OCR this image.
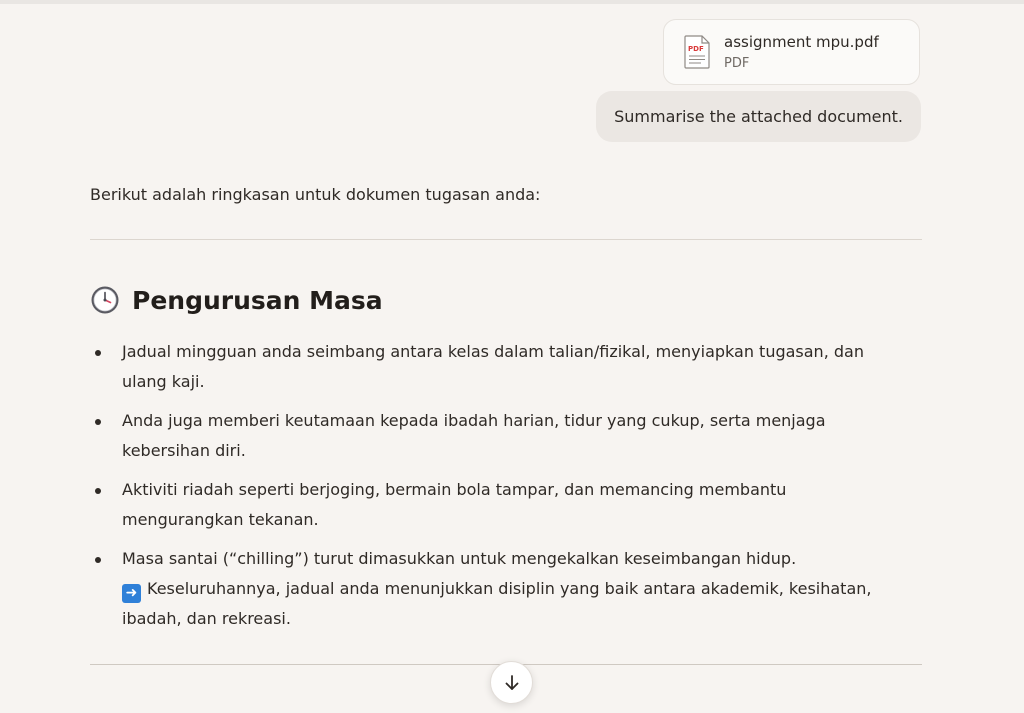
PDF assignment mpu.pdf
PDF
Summarise the attached document.
Berikut adalah ringkasan untuk dokumen tugasan anda:
Pengurusan Masa
Jadual mingguan anda seimbang antara kelas dalam talian/fizikal, menyiapkan tugasan, dan
ulang kaji.
Anda juga memberi keutamaan kepada ibadah harian, tidur yang cukup, serta menjaga
kebersihan diri.
Aktiviti riadah seperti berjoging, bermain bola tampar, dan memancing membantu
mengurangkan tekanan.
Masa santai (“chilling”) turut dimasukkan untuk mengekalkan keseimbangan hidup.
➜ Keseluruhannya, jadual anda menunjukkan disiplin yang baik antara akademik, kesihatan,
ibadah, dan rekreasi.
